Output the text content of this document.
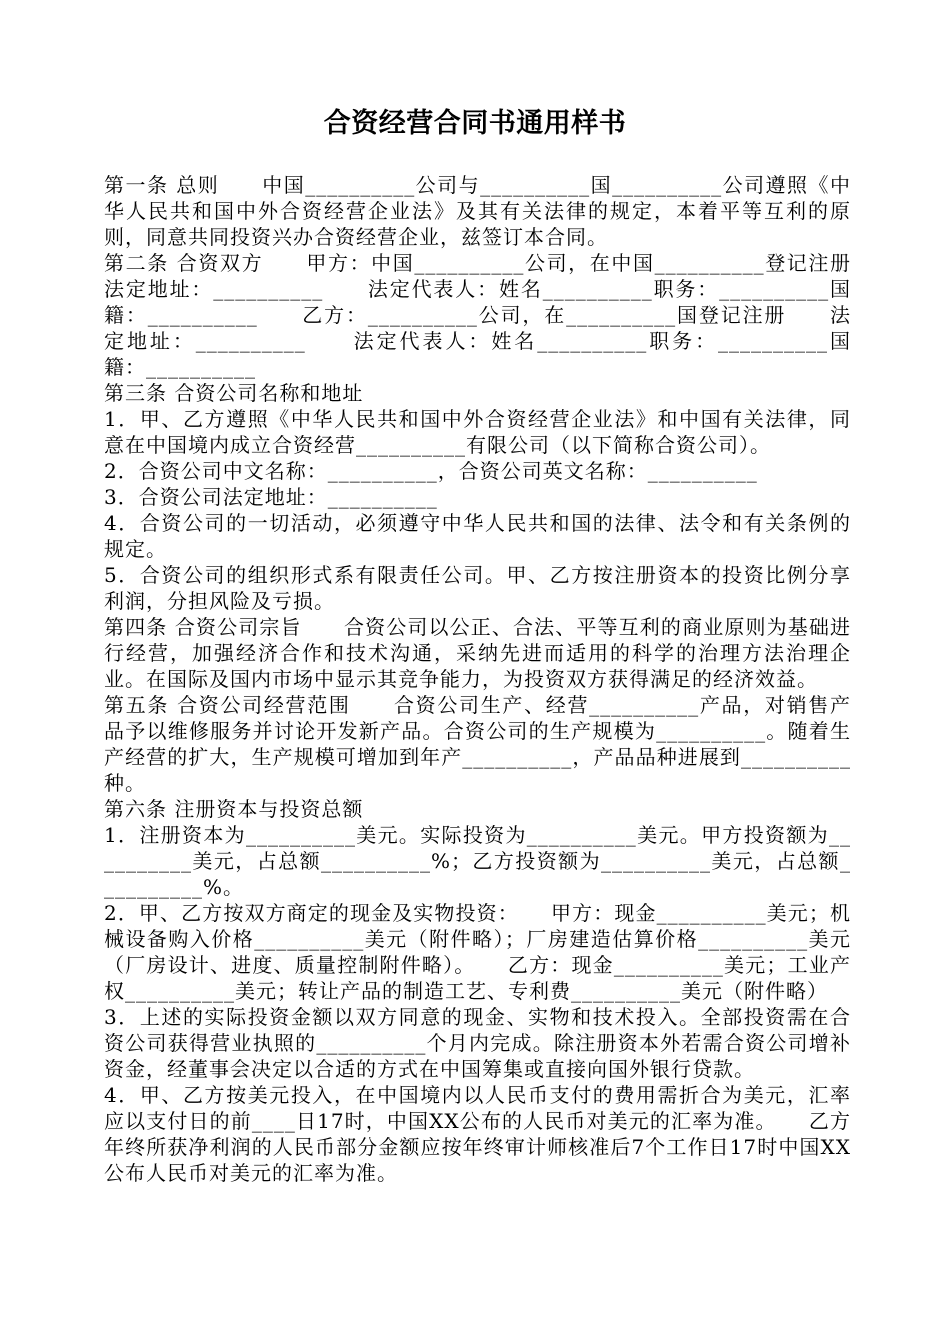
合资经营合同书通用样书

第一条 总则　　中国__________公司与__________国__________公司遵照《中华人民共和国中外合资经营企业法》及其有关法律的规定，本着平等互利的原则，同意共同投资兴办合资经营企业，兹签订本合同。

第二条 合资双方　　甲方：中国__________公司，在中国__________登记注册　　法定地址：__________　　法定代表人：姓名__________职务：__________国籍：__________　　乙方：__________公司，在__________国登记注册　　法定地址：__________　　法定代表人：姓名__________职务：__________国籍：__________

第三条 合资公司名称和地址

1．甲、乙方遵照《中华人民共和国中外合资经营企业法》和中国有关法律，同意在中国境内成立合资经营__________有限公司（以下简称合资公司）。

2．合资公司中文名称：__________，合资公司英文名称：__________

3．合资公司法定地址：__________

4．合资公司的一切活动，必须遵守中华人民共和国的法律、法令和有关条例的规定。

5．合资公司的组织形式系有限责任公司。甲、乙方按注册资本的投资比例分享利润，分担风险及亏损。

第四条 合资公司宗旨　　合资公司以公正、合法、平等互利的商业原则为基础进行经营，加强经济合作和技术沟通，采纳先进而适用的科学的治理方法治理企业。在国际及国内市场中显示其竞争能力，为投资双方获得满足的经济效益。

第五条 合资公司经营范围　　合资公司生产、经营__________产品，对销售产品予以维修服务并讨论开发新产品。合资公司的生产规模为__________。随着生产经营的扩大，生产规模可增加到年产__________，产品品种进展到__________种。

第六条 注册资本与投资总额

1．注册资本为__________美元。实际投资为__________美元。甲方投资额为__________美元，占总额__________%；乙方投资额为__________美元，占总额__________%。

2．甲、乙方按双方商定的现金及实物投资：　　甲方：现金__________美元；机械设备购入价格__________美元（附件略）；厂房建造估算价格__________美元（厂房设计、进度、质量控制附件略）。　　乙方：现金__________美元；工业产权__________美元；转让产品的制造工艺、专利费__________美元（附件略）

3．上述的实际投资金额以双方同意的现金、实物和技术投入。全部投资需在合资公司获得营业执照的__________个月内完成。除注册资本外若需合资公司增补资金，经董事会决定以合适的方式在中国筹集或直接向国外银行贷款。

4．甲、乙方按美元投入，在中国境内以人民币支付的费用需折合为美元，汇率应以支付日的前____日17时，中国XX公布的人民币对美元的汇率为准。　　乙方年终所获净利润的人民币部分金额应按年终审计师核准后7个工作日17时中国XX公布人民币对美元的汇率为准。
